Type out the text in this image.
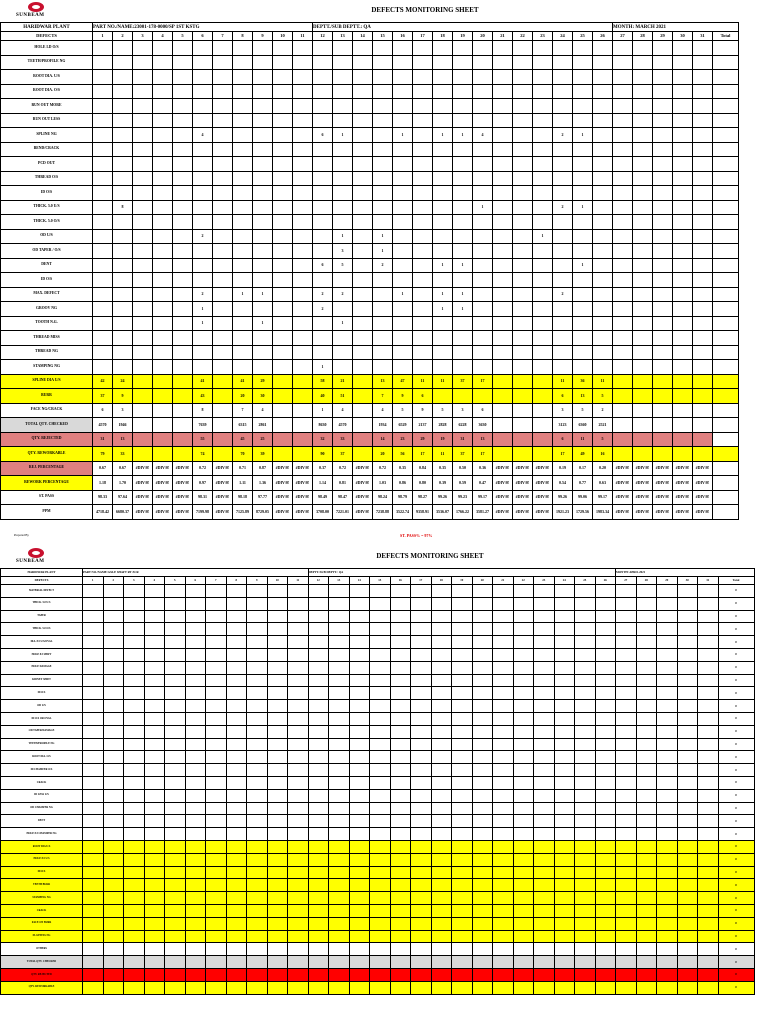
SUNBEAM
DEFECTS MONITORING SHEET
HARIDWAR PLANT	PART NO./NAME:23001-178-0000/SP 1ST KSTG											DEPTT./SUB DEPTT.: QA															MONTH: MARCH 2021					
DEFECTS	1	2	3	4	5	6	7	8	9	10	11	12	13	14	15	16	17	18	19	20	21	22	23	24	25	26	27	28	29	30	31	Total
HOLE I.D O/S																																
TEETH/PROFILE NG																																
ROOT DIA. U/S																																
ROOT DIA. O/S																																
RUN OUT MORE																																
RUN OUT LESS																																
SPLINE NG						4						6	1			1		1	1	4				2	1							
BEND/CRACK																																
PCD OUT																																
THREAD O/S																																
ID O/S																																
THICK. 5.0 U/S		8																		1				2	1							
THICK. 5.0 O/S																																
OD U/S						2							1		1								1									
OD TAPER / O/S													3		1																	
DENT												6	5		2			1	1						1							
ID O/S																																
MAX. DEFECT						2		1	1			2	2			1		1	1					2								
GROOV NG						1						2						1	1													
TOOTH N.G.						1			1				1																			
THREAD MISS																																
THREAD NG																																
STAMPING NG												1																				
SPLINE DIA U/S	42	24				41		41	29			58	21		13	47	11	11	37	17				11	36	11						
BURR	37	9				43		20	30			40	51		7	9	6							6	13	5						
FACE NG/CRACK	6	3				8		7	4			1	4		4	5	9	5	3	6				3	5	2						
TOTAL QTY. CHECKED	4570	1946				7639		6315	2861			8630	4570		1934	6529	2137	2828	6228	3630				3123	6360	2521						
QTY. REJECTED	31	13				55		45	25			32	33		14	23	29	19	31	13				6	11	5						
QTY. REWORKABLE	79	33				74		70	39			90	37		20	56	17	11	37	17				17	49	16						
REJ. PERCENTAGE	0.67	0.67	#DIV/0!	#DIV/0!	#DIV/0!	0.72	#DIV/0!	0.71	0.87	#DIV/0!	#DIV/0!	0.37	0.72	#DIV/0!	0.72	0.35	0.84	0.35	0.50	0.36	#DIV/0!	#DIV/0!	#DIV/0!	0.19	0.17	0.20	#DIV/0!	#DIV/0!	#DIV/0!	#DIV/0!	#DIV/0!	
REWORK PERCENTAGE	1.18	1.70	#DIV/0!	#DIV/0!	#DIV/0!	0.97	#DIV/0!	1.11	1.36	#DIV/0!	#DIV/0!	1.14	0.81	#DIV/0!	1.03	0.86	0.80	0.39	0.59	0.47	#DIV/0!	#DIV/0!	#DIV/0!	0.54	0.77	0.63	#DIV/0!	#DIV/0!	#DIV/0!	#DIV/0!	#DIV/0!	
ST. PASS	98.33	97.64	#DIV/0!	#DIV/0!	#DIV/0!	98.31	#DIV/0!	98.18	97.77	#DIV/0!	#DIV/0!	98.49	98.47	#DIV/0!	98.24	98.79	98.27	99.26	99.23	99.17	#DIV/0!	#DIV/0!	#DIV/0!	99.26	99.06	99.17	#DIV/0!	#DIV/0!	#DIV/0!	#DIV/0!	#DIV/0!	
PPM	4718.42	6680.37	#DIV/0!	#DIV/0!	#DIV/0!	7199.98	#DIV/0!	7125.89	8729.05	#DIV/0!	#DIV/0!	3708.00	7221.01	#DIV/0!	7238.88	3522.74	9358.91	3536.07	1766.22	3581.27	#DIV/0!	#DIV/0!	#DIV/0!	1921.23	1729.56	1983.34	#DIV/0!	#DIV/0!	#DIV/0!	#DIV/0!	#DIV/0!	
Prepared By	ST. PASS% = 97%
SUNBEAM
DEFECTS MONITORING SHEET
HARIDWAR PLANT	PART NO./NAME:AXLE SHAFT RT ZCR											DEPTT./SUB DEPTT.: QA															MONTH: APRIL 2021					
DEFECTS	1	2	3	4	5	6	7	8	9	10	11	12	13	14	15	16	17	18	19	20	21	22	23	24	25	26	27	28	29	30	31	Total
MATERIAL DEFECT																																0
THICK. 5.0 U/S																																0
TAPER																																0
THICK. 5.0 O/S																																0
DIA. 8.5 U/S/OVAL																																0
HOLE 8.5 SHIFT																																0
HOLE DAMAGE																																0
KIDNEY SHIFT																																0
ID O/S																																0
OD U/S																																0
ID O/S OR OVAL																																0
OD TAPER/DAMAGE																																0
TEETH/PROFILE NG																																0
ROOT DIA. O/S																																0
ID CHAMFER O/S																																0
CRACK																																0
ID LESS U/S																																0
OD CHAMFER NG																																0
DENT																																0
HOLE 8.5 CHAMFER NG																																0
ROOT DIA U/S																																0
HOLE 8.5 U/S																																0
ID O/S																																0
TEETH BURR																																0
STAMPING NG																																0
CRACK																																0
FACE ON BURR																																0
FLATNESS NG																																0
OTHERS																																0
TOTAL QTY. CHECKED																																0
QTY. REJECTED																																0
QTY. REWORKABLE																																0
